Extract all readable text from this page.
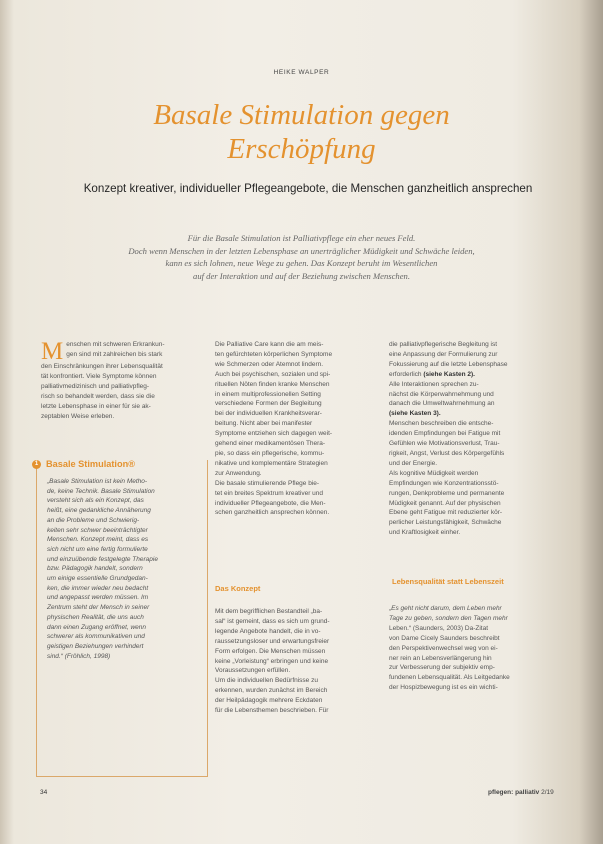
HEIKE WALPER
Basale Stimulation gegen
Erschöpfung
Konzept kreativer, individueller Pflegeangebote, die Menschen ganzheitlich ansprechen
Für die Basale Stimulation ist Palliativpflege ein eher neues Feld.
Doch wenn Menschen in der letzten Lebensphase an unerträglicher Müdigkeit und Schwäche leiden,
kann es sich lohnen, neue Wege zu gehen. Das Konzept beruht im Wesentlichen
auf der Interaktion und auf der Beziehung zwischen Menschen.
M enschen mit schweren Erkrankun-
gen sind mit zahlreichen bis stark
den Einschränkungen ihrer Lebensqualität
tät konfrontiert. Viele Symptome können
palliativmedizinisch und palliativpfleg-
risch so behandelt werden, dass sie die
letzte Lebensphase in einer für sie ak-
zeptablen Weise erleben.
1 Basale Stimulation®
„Basale Stimulation ist kein Metho-
de, keine Technik. Basale Stimulation
versteht sich als ein Konzept, das
heißt, eine gedankliche Annäherung
an die Probleme und Schwierig-
keiten sehr schwer beeinträchtigter
Menschen. Konzept meint, dass es
sich nicht um eine fertig formulierte
und einzuübende festgelegte Therapie
bzw. Pädagogik handelt, sondern
um einige essentielle Grundgedan-
ken, die immer wieder neu bedacht
und angepasst werden müssen. Im
Zentrum steht der Mensch in seiner
physischen Realität, die uns auch
dann einen Zugang eröffnet, wenn
schwerer als kommunikativen und
geistigen Beziehungen verhindert
sind.“ (Fröhlich, 1998)
Die Palliative Care kann die am meis-
ten gefürchteten körperlichen Symptome
wie Schmerzen oder Atemnot lindern.
Auch bei psychischen, sozialen und spi-
rituellen Nöten finden kranke Menschen
in einem multiprofessionellen Setting
verschiedene Formen der Begleitung
bei der individuellen Krankheitsverar-
beitung. Nicht aber bei manifester
Symptome entziehen sich dagegen weit-
gehend einer medikamentösen Thera-
pie, so dass ein pflegerische, kommu-
nikative und komplementäre Strategien
zur Anwendung.
Die basale stimulierende Pflege bie-
tet ein breites Spektrum kreativer und
individueller Pflegeangebote, die Men-
schen ganzheitlich ansprechen können.
Das Konzept
Mit dem begrifflichen Bestandteil „ba-
sal“ ist gemeint, dass es sich um grund-
legende Angebote handelt, die in vo-
raussetzungsloser und erwartungsfreier
Form erfolgen. Die Menschen müssen
keine „Vorleistung“ erbringen und keine
Voraussetzungen erfüllen.
Um die individuellen Bedürfnisse zu
erkennen, wurden zunächst im Bereich
der Heilpädagogik mehrere Eckdaten
für die Lebensthemen beschrieben. Für
die palliativpflegerische Begleitung ist
eine Anpassung der Formulierung zur
Fokussierung auf die letzte Lebensphase
erforderlich (siehe Kasten 2).
Alle Interaktionen sprechen zu-
nächst die Körperwahrnehmung und
danach die Umweltwahrnehmung an
(siehe Kasten 3).
Menschen beschreiben die entsche-
idenden Empfindungen bei Fatigue mit
Gefühlen wie Motivationsverlust, Trau-
rigkeit, Angst, Verlust des Körpergefühls
und der Energie.
Als kognitive Müdigkeit werden
Empfindungen wie Konzentrationsstö-
rungen, Denkprobleme und permanente
Müdigkeit genannt. Auf der physischen
Ebene geht Fatigue mit reduzierter kör-
perlicher Leistungsfähigkeit, Schwäche
und Kraftlosigkeit einher.
Lebensqualität statt Lebenszeit
„Es geht nicht darum, dem Leben mehr
Tage zu geben, sondern den Tagen mehr
Leben.“ (Saunders, 2003) Da-Zitat
von Dame Cicely Saunders beschreibt
den Perspektivenwechsel weg von ei-
ner rein an Lebensverlängerung hin
zur Verbesserung der subjektiv emp-
fundenen Lebensqualität. Als Leitgedanke
der Hospizbewegung ist es ein wichti-
34	pflegen: palliativ 2/19
